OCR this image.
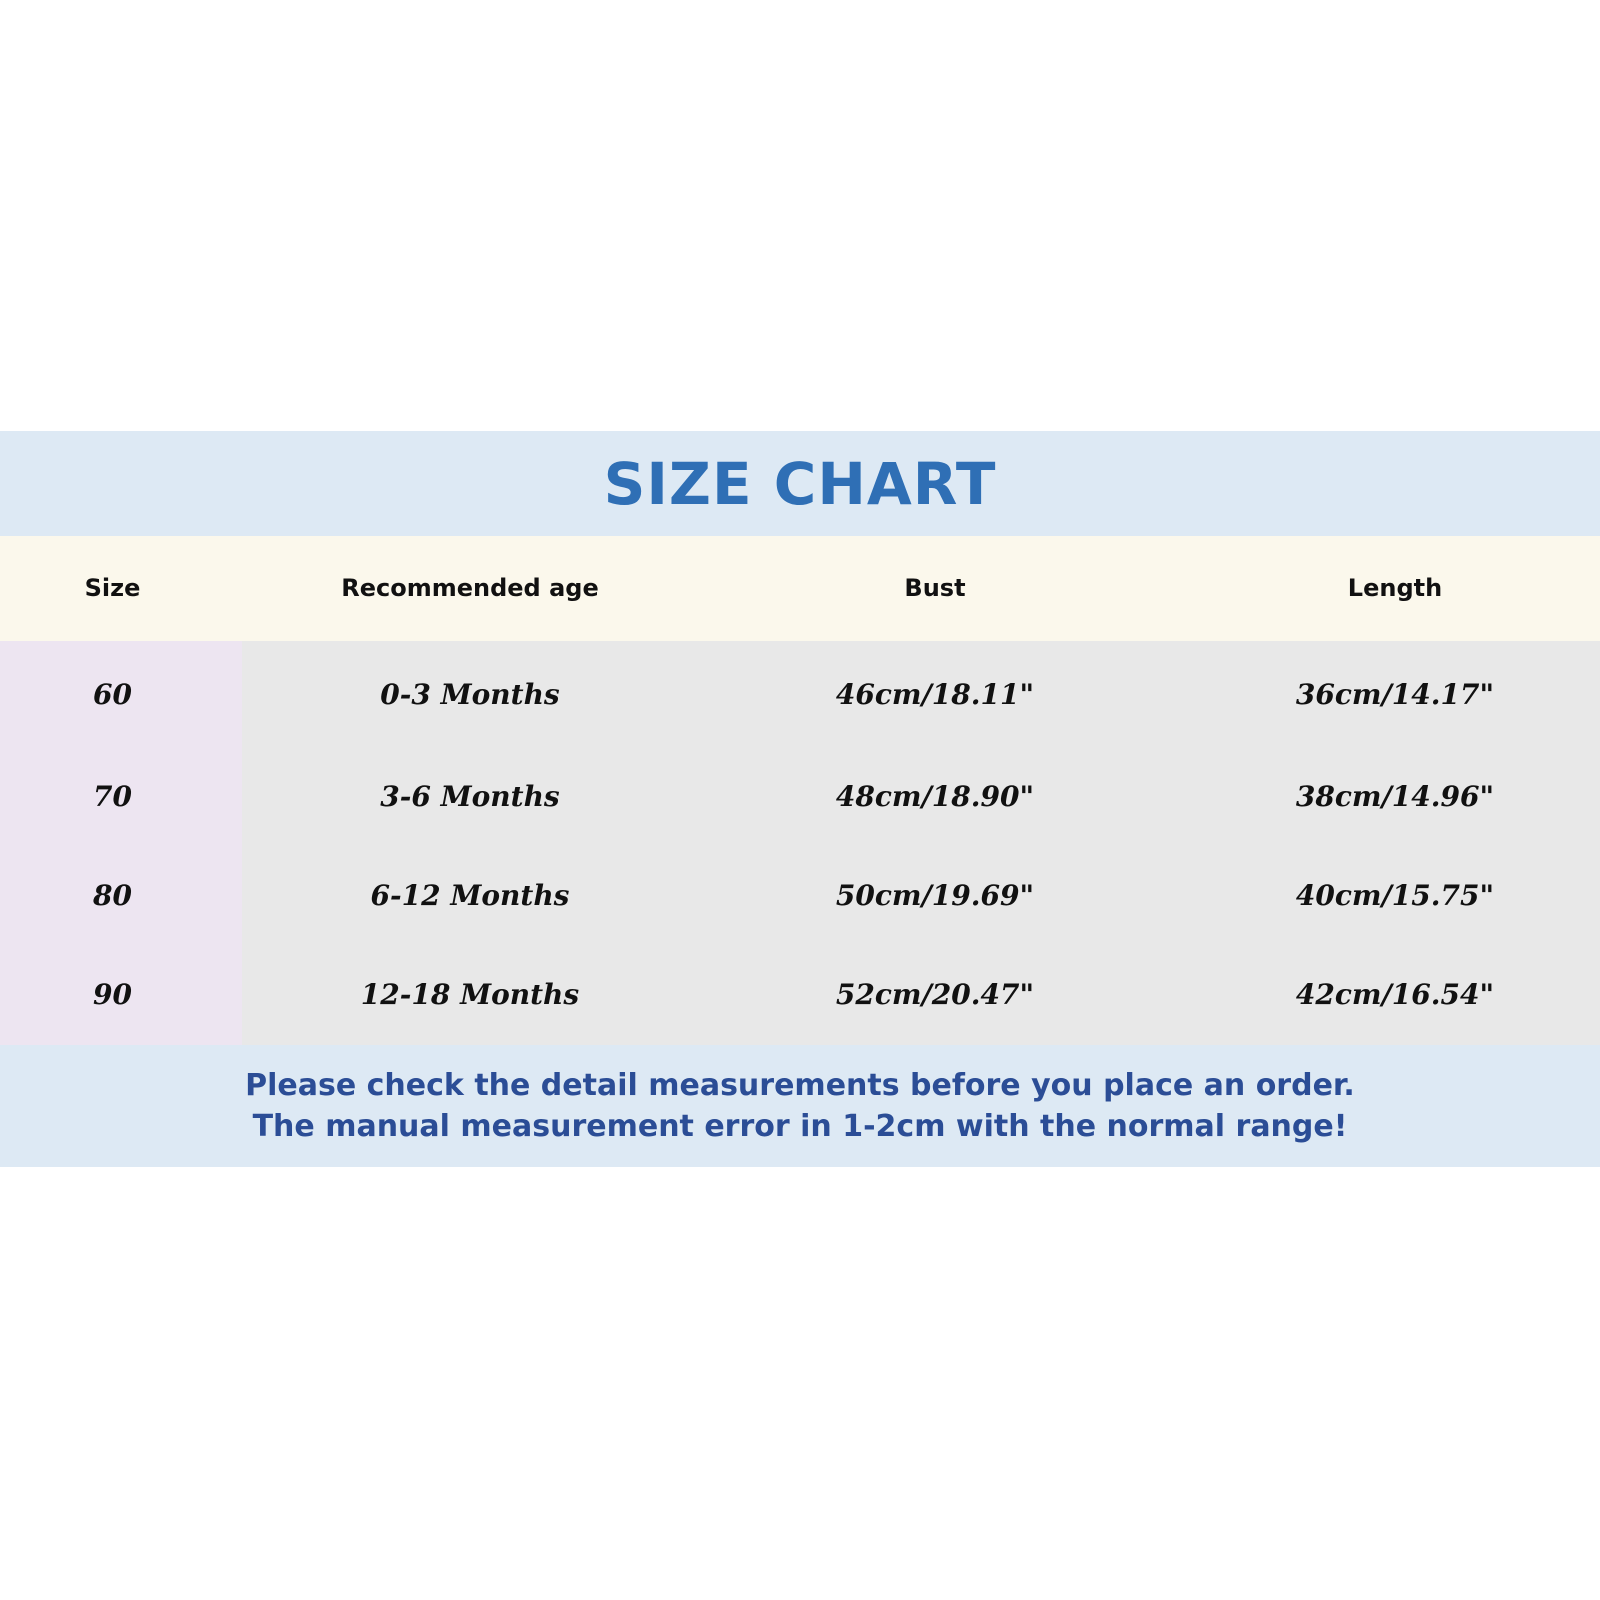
SIZE CHART
Size	Recommended age	Bust	Length
60	0-3 Months	46cm/18.11"	36cm/14.17"
70	3-6 Months	48cm/18.90"	38cm/14.96"
80	6-12 Months	50cm/19.69"	40cm/15.75"
90	12-18 Months	52cm/20.47"	42cm/16.54"
Please check the detail measurements before you place an order.
The manual measurement error in 1-2cm with the normal range!
